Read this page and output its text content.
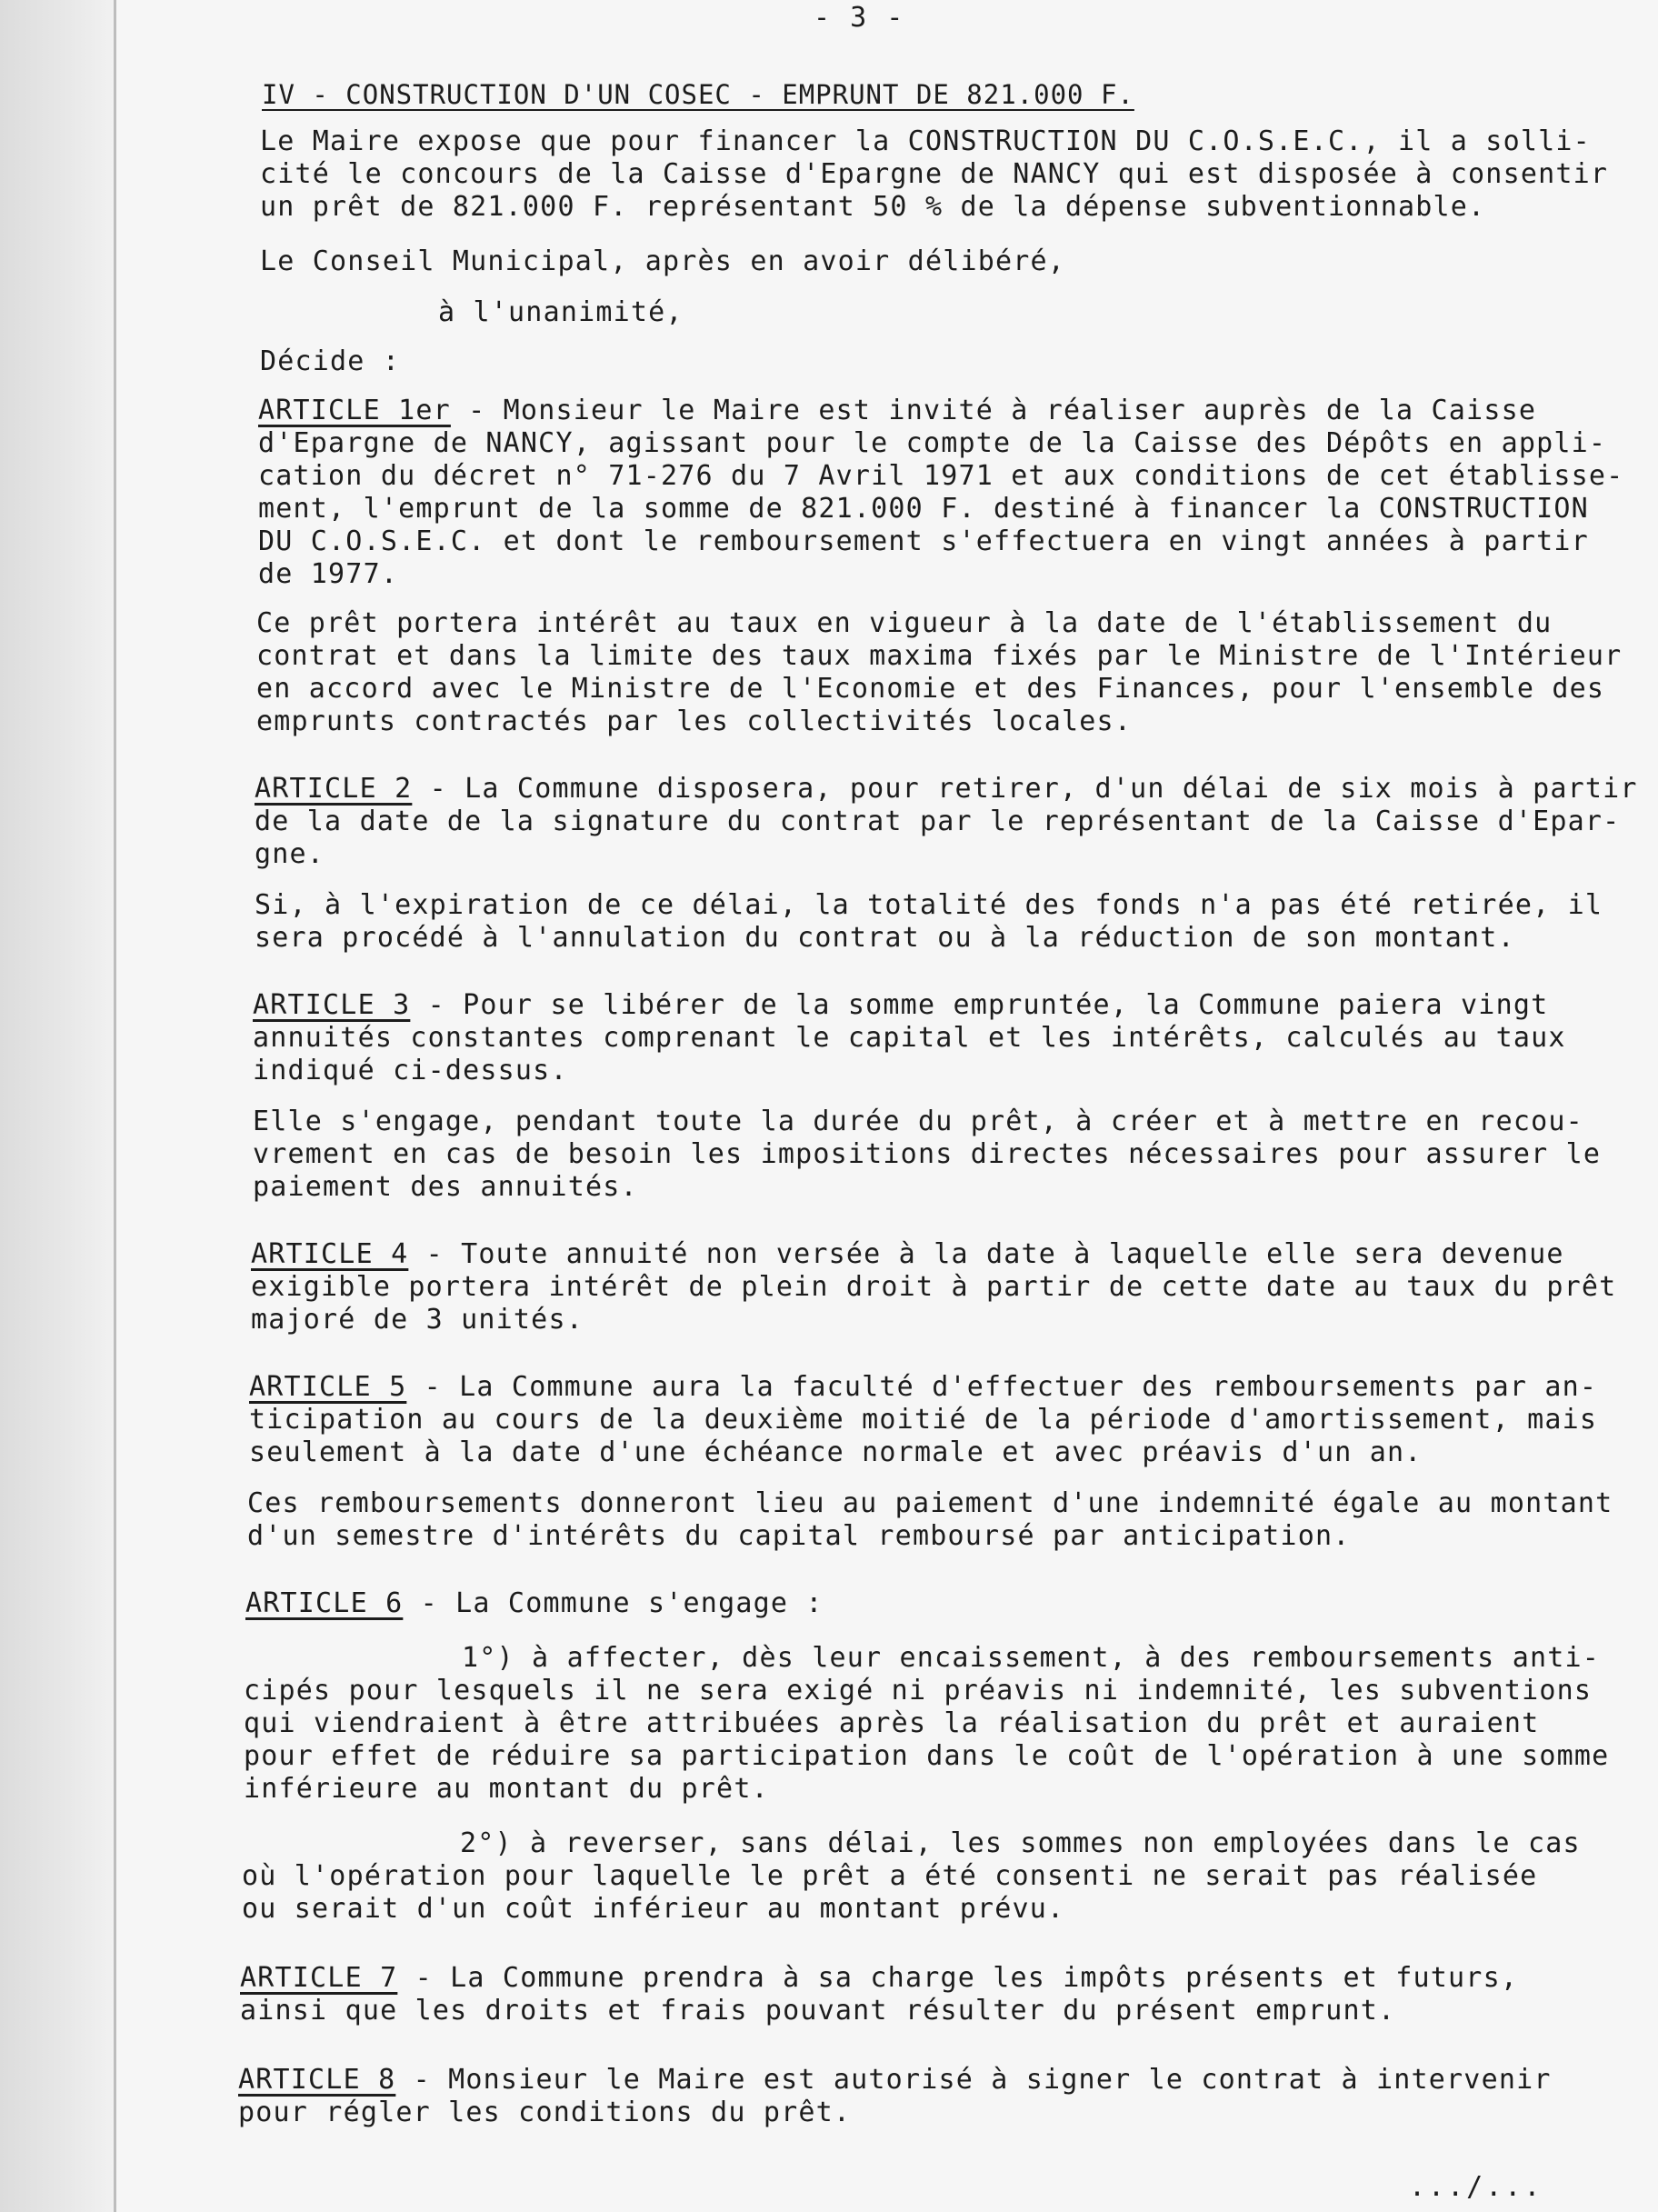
- 3 -
IV - CONSTRUCTION D'UN COSEC - EMPRUNT DE 821.000 F.
Le Maire expose que pour financer la CONSTRUCTION DU C.O.S.E.C., il a solli-
cité le concours de la Caisse d'Epargne de NANCY qui est disposée à consentir
un prêt de 821.000 F. représentant 50 % de la dépense subventionnable.
Le Conseil Municipal, après en avoir délibéré,
à l'unanimité,
Décide :
ARTICLE 1er - Monsieur le Maire est invité à réaliser auprès de la Caisse
d'Epargne de NANCY, agissant pour le compte de la Caisse des Dépôts en appli-
cation du décret n° 71-276 du 7 Avril 1971 et aux conditions de cet établisse-
ment, l'emprunt de la somme de 821.000 F. destiné à financer la CONSTRUCTION
DU C.O.S.E.C. et dont le remboursement s'effectuera en vingt années à partir
de 1977.
Ce prêt portera intérêt au taux en vigueur à la date de l'établissement du
contrat et dans la limite des taux maxima fixés par le Ministre de l'Intérieur
en accord avec le Ministre de l'Economie et des Finances, pour l'ensemble des
emprunts contractés par les collectivités locales.
ARTICLE 2 - La Commune disposera, pour retirer, d'un délai de six mois à partir
de la date de la signature du contrat par le représentant de la Caisse d'Epar-
gne.
Si, à l'expiration de ce délai, la totalité des fonds n'a pas été retirée, il
sera procédé à l'annulation du contrat ou à la réduction de son montant.
ARTICLE 3 - Pour se libérer de la somme empruntée, la Commune paiera vingt
annuités constantes comprenant le capital et les intérêts, calculés au taux
indiqué ci-dessus.
Elle s'engage, pendant toute la durée du prêt, à créer et à mettre en recou-
vrement en cas de besoin les impositions directes nécessaires pour assurer le
paiement des annuités.
ARTICLE 4 - Toute annuité non versée à la date à laquelle elle sera devenue
exigible portera intérêt de plein droit à partir de cette date au taux du prêt
majoré de 3 unités.
ARTICLE 5 - La Commune aura la faculté d'effectuer des remboursements par an-
ticipation au cours de la deuxième moitié de la période d'amortissement, mais
seulement à la date d'une échéance normale et avec préavis d'un an.
Ces remboursements donneront lieu au paiement d'une indemnité égale au montant
d'un semestre d'intérêts du capital remboursé par anticipation.
ARTICLE 6 - La Commune s'engage :
1°) à affecter, dès leur encaissement, à des remboursements anti-
cipés pour lesquels il ne sera exigé ni préavis ni indemnité, les subventions
qui viendraient à être attribuées après la réalisation du prêt et auraient
pour effet de réduire sa participation dans le coût de l'opération à une somme
inférieure au montant du prêt.
2°) à reverser, sans délai, les sommes non employées dans le cas
où l'opération pour laquelle le prêt a été consenti ne serait pas réalisée
ou serait d'un coût inférieur au montant prévu.
ARTICLE 7 - La Commune prendra à sa charge les impôts présents et futurs,
ainsi que les droits et frais pouvant résulter du présent emprunt.
ARTICLE 8 - Monsieur le Maire est autorisé à signer le contrat à intervenir
pour régler les conditions du prêt.
.../...
